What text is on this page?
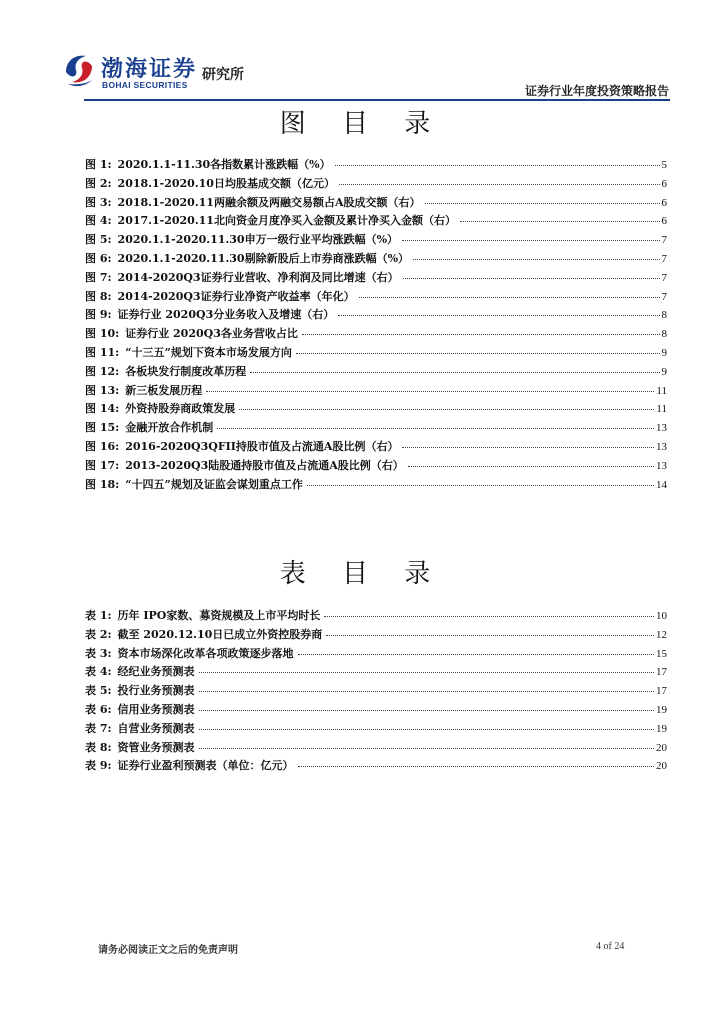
渤海证券
BOHAI SECURITIES
研究所
证券行业年度投资策略报告
图 目 录
图 1: 2020.1.1-11.30各指数累计涨跌幅（%）	5
图 2: 2018.1-2020.10日均股基成交额（亿元）	6
图 3: 2018.1-2020.11两融余额及两融交易额占A股成交额（右）	6
图 4: 2017.1-2020.11北向资金月度净买入金额及累计净买入金额（右）	6
图 5: 2020.1.1-2020.11.30申万一级行业平均涨跌幅（%）	7
图 6: 2020.1.1-2020.11.30剔除新股后上市券商涨跌幅（%）	7
图 7: 2014-2020Q3证券行业营收、净利润及同比增速（右）	7
图 8: 2014-2020Q3证券行业净资产收益率（年化）	7
图 9: 证券行业 2020Q3分业务收入及增速（右）	8
图 10: 证券行业 2020Q3各业务营收占比	8
图 11: “十三五”规划下资本市场发展方向	9
图 12: 各板块发行制度改革历程	9
图 13: 新三板发展历程	11
图 14: 外资持股券商政策发展	11
图 15: 金融开放合作机制	13
图 16: 2016-2020Q3QFII持股市值及占流通A股比例（右）	13
图 17: 2013-2020Q3陆股通持股市值及占流通A股比例（右）	13
图 18: “十四五”规划及证监会谋划重点工作	14
表 目 录
表 1: 历年 IPO家数、募资规模及上市平均时长	10
表 2: 截至 2020.12.10日已成立外资控股券商	12
表 3: 资本市场深化改革各项政策逐步落地	15
表 4: 经纪业务预测表	17
表 5: 投行业务预测表	17
表 6: 信用业务预测表	19
表 7: 自营业务预测表	19
表 8: 资管业务预测表	20
表 9: 证券行业盈利预测表（单位：亿元）	20
请务必阅读正文之后的免责声明	4 of 24
